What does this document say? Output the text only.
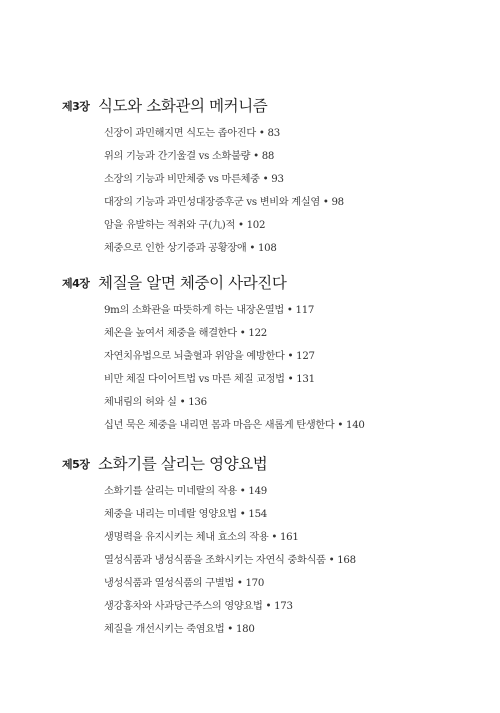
제3장 식도와 소화관의 메커니즘
신장이 과민해지면 식도는 좁아진다 • 83
위의 기능과 간기울결 vs 소화불량 • 88
소장의 기능과 비만체중 vs 마른체중 • 93
대장의 기능과 과민성대장증후군 vs 변비와 계실염 • 98
암을 유발하는 적취와 구(九)적 • 102
체중으로 인한 상기증과 공황장애 • 108
제4장 체질을 알면 체중이 사라진다
9m의 소화관을 따뜻하게 하는 내장온열법 • 117
체온을 높여서 체중을 해결한다 • 122
자연치유법으로 뇌출혈과 위암을 예방한다 • 127
비만 체질 다이어트법 vs 마른 체질 교정법 • 131
체내림의 허와 실 • 136
십년 묵은 체중을 내리면 몸과 마음은 새롭게 탄생한다 • 140
제5장 소화기를 살리는 영양요법
소화기를 살리는 미네랄의 작용 • 149
체중을 내리는 미네랄 영양요법 • 154
생명력을 유지시키는 체내 효소의 작용 • 161
열성식품과 냉성식품을 조화시키는 자연식 중화식품 • 168
냉성식품과 열성식품의 구별법 • 170
생강홍차와 사과당근주스의 영양요법 • 173
체질을 개선시키는 죽염요법 • 180
